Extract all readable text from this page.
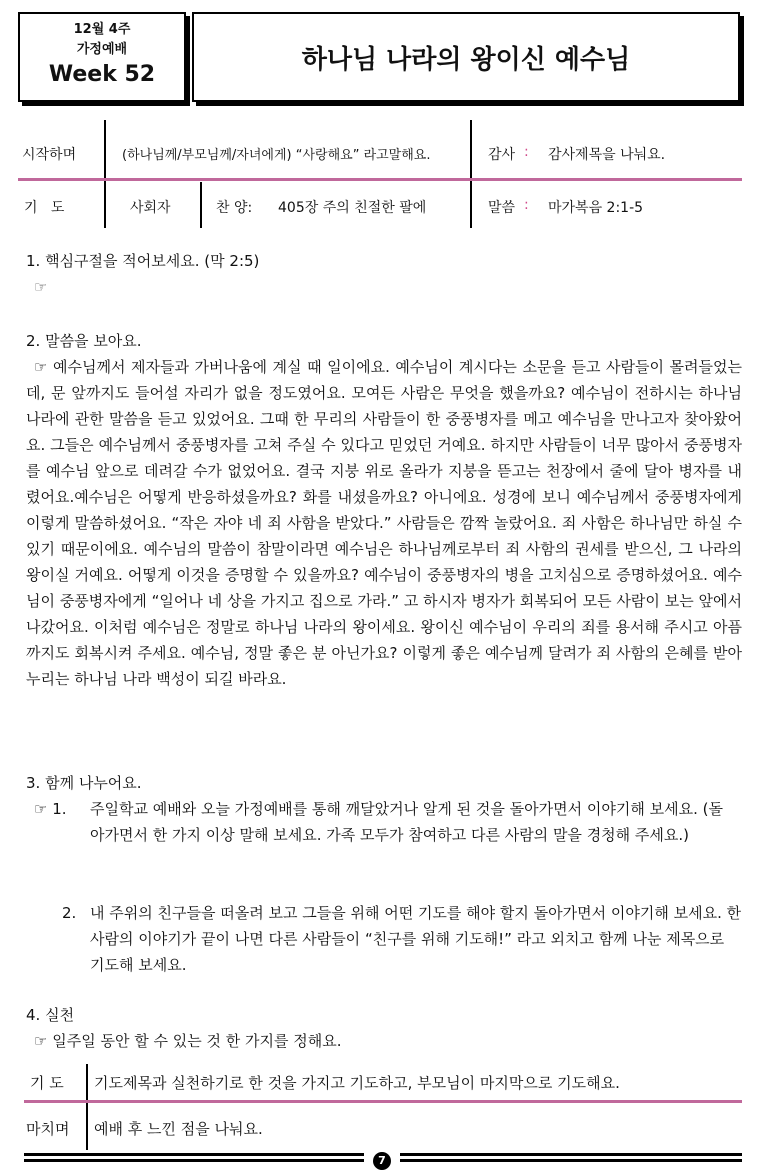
12월 4주
가정예배
Week 52	하나님 나라의 왕이신 예수님
시작하며	(하나님께/부모님께/자녀에게) “사랑해요” 라고말해요.	감사 : 감사제목을 나눠요.
기   도	사회자	찬 양: 405장 주의 친절한 팔에	말씀 : 마가복음 2:1-5
1. 핵심구절을 적어보세요. (막 2:5)
☞
2. 말씀을 보아요.
☞ 예수님께서 제자들과 가버나움에 계실 때 일이에요. 예수님이 계시다는 소문을 듣고 사람들이 몰려들었는데, 문 앞까지도 들어설 자리가 없을 정도였어요. 모여든 사람은 무엇을 했을까요? 예수님이 전하시는 하나님 나라에 관한 말씀을 듣고 있었어요. 그때 한 무리의 사람들이 한 중풍병자를 메고 예수님을 만나고자 찾아왔어요. 그들은 예수님께서 중풍병자를 고쳐 주실 수 있다고 믿었던 거예요. 하지만 사람들이 너무 많아서 중풍병자를 예수님 앞으로 데려갈 수가 없었어요. 결국 지붕 위로 올라가 지붕을 뜯고는 천장에서 줄에 달아 병자를 내렸어요.예수님은 어떻게 반응하셨을까요? 화를 내셨을까요? 아니에요. 성경에 보니 예수님께서 중풍병자에게 이렇게 말씀하셨어요. “작은 자야 네 죄 사함을 받았다.” 사람들은 깜짝 놀랐어요. 죄 사함은 하나님만 하실 수 있기 때문이에요. 예수님의 말씀이 참말이라면 예수님은 하나님께로부터 죄 사함의 권세를 받으신, 그 나라의 왕이실 거예요. 어떻게 이것을 증명할 수 있을까요? 예수님이 중풍병자의 병을 고치심으로 증명하셨어요. 예수님이 중풍병자에게 “일어나 네 상을 가지고 집으로 가라.” 고 하시자 병자가 회복되어 모든 사람이 보는 앞에서 나갔어요. 이처럼 예수님은 정말로 하나님 나라의 왕이세요. 왕이신 예수님이 우리의 죄를 용서해 주시고 아픔까지도 회복시켜 주세요. 예수님, 정말 좋은 분 아닌가요? 이렇게 좋은 예수님께 달려가 죄 사함의 은혜를 받아 누리는 하나님 나라 백성이 되길 바라요.
3. 함께 나누어요.
☞ 1. 주일학교 예배와 오늘 가정예배를 통해 깨달았거나 알게 된 것을 돌아가면서 이야기해 보세요. (돌아가면서 한 가지 이상 말해 보세요. 가족 모두가 참여하고 다른 사람의 말을 경청해 주세요.)
2. 내 주위의 친구들을 떠올려 보고 그들을 위해 어떤 기도를 해야 할지 돌아가면서 이야기해 보세요. 한 사람의 이야기가 끝이 나면 다른 사람들이 “친구를 위해 기도해!” 라고 외치고 함께 나눈 제목으로 기도해 보세요.
4. 실천
☞ 일주일 동안 할 수 있는 것 한 가지를 정해요.
기 도 기도제목과 실천하기로 한 것을 가지고 기도하고, 부모님이 마지막으로 기도해요.
마치며 예배 후 느낀 점을 나눠요.
7
